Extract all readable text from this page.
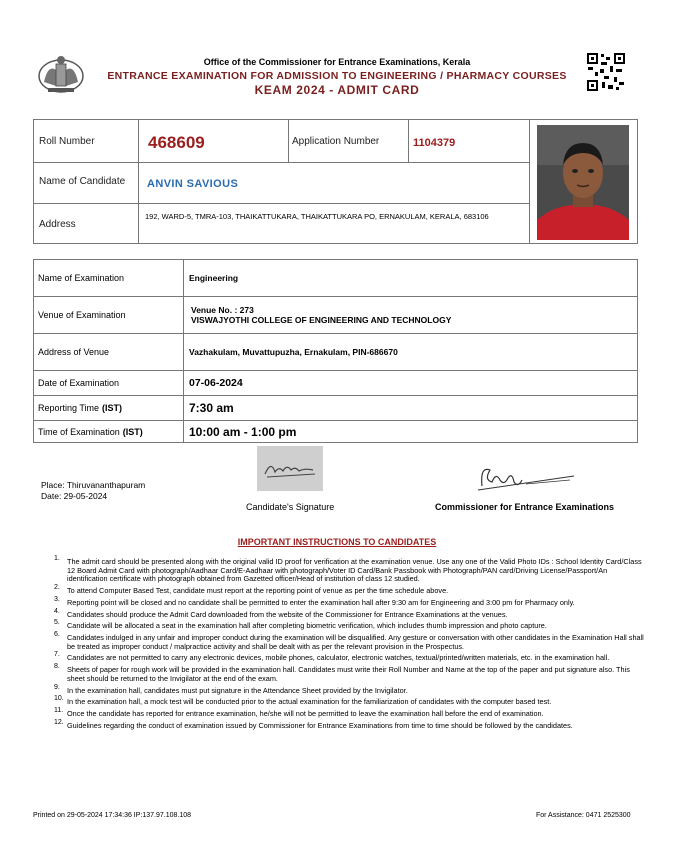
Office of the Commissioner for Entrance Examinations, Kerala
ENTRANCE EXAMINATION FOR ADMISSION TO ENGINEERING / PHARMACY COURSES
KEAM 2024 - ADMIT CARD
Roll Number	468609	Application Number	1104379
Name of Candidate ANVIN SAVIOUS
Address
192, WARD-5, TMRA-103, THAIKATTUKARA, THAIKATTUKARA PO, ERNAKULAM, KERALA, 683106
Name of Examination	Engineering
Venue of Examination	Venue No. : 273
VISWAJYOTHI COLLEGE OF ENGINEERING AND TECHNOLOGY
Address of Venue	Vazhakulam, Muvattupuzha, Ernakulam, PIN-686670
Date of Examination	07-06-2024
Reporting Time (IST)	7:30 am
Time of Examination (IST)	10:00 am - 1:00 pm
Place: Thiruvananthapuram
Date: 29-05-2024
Candidate's Signature	Commissioner for Entrance Examinations
IMPORTANT INSTRUCTIONS TO CANDIDATES
1. The admit card should be presented along with the original valid ID proof for verification at the examination venue. Use any one of the Valid Photo IDs : School Identity Card/Class 12 Board Admit Card with photograph/Aadhaar Card/E-Aadhaar with photograph/Voter ID Card/Bank Passbook with Photograph/PAN card/Driving License/Passport/An identification certificate with photograph obtained from Gazetted officer/Head of institution of class 12 studied.
2. To attend Computer Based Test, candidate must report at the reporting point of venue as per the time schedule above.
3. Reporting point will be closed and no candidate shall be permitted to enter the examination hall after 9:30 am for Engineering and 3:00 pm for Pharmacy only.
4. Candidates should produce the Admit Card downloaded from the website of the Commissioner for Entrance Examinations at the venues.
5. Candidate will be allocated a seat in the examination hall after completing biometric verification, which includes thumb impression and photo capture.
6. Candidates indulged in any unfair and improper conduct during the examination will be disqualified. Any gesture or conversation with other candidates in the Examination Hall shall be treated as improper conduct / malpractice activity and shall be dealt with as per the relevant provision in the Prospectus.
7. Candidates are not permitted to carry any electronic devices, mobile phones, calculator, electronic watches, textual/printed/written materials, etc. in the examination hall.
8. Sheets of paper for rough work will be provided in the examination hall. Candidates must write their Roll Number and Name at the top of the paper and put signature also. This sheet should be returned to the Invigilator at the end of the exam.
9. In the examination hall, candidates must put signature in the Attendance Sheet provided by the Invigilator.
10. In the examination hall, a mock test will be conducted prior to the actual examination for the familiarization of candidates with the computer based test.
11. Once the candidate has reported for entrance examination, he/she will not be permitted to leave the examination hall before the end of examination.
12. Guidelines regarding the conduct of examination issued by Commissioner for Entrance Examinations from time to time should be followed by the candidates.
Printed on 29-05-2024 17:34:36 IP:137.97.108.108	For Assistance: 0471 2525300
